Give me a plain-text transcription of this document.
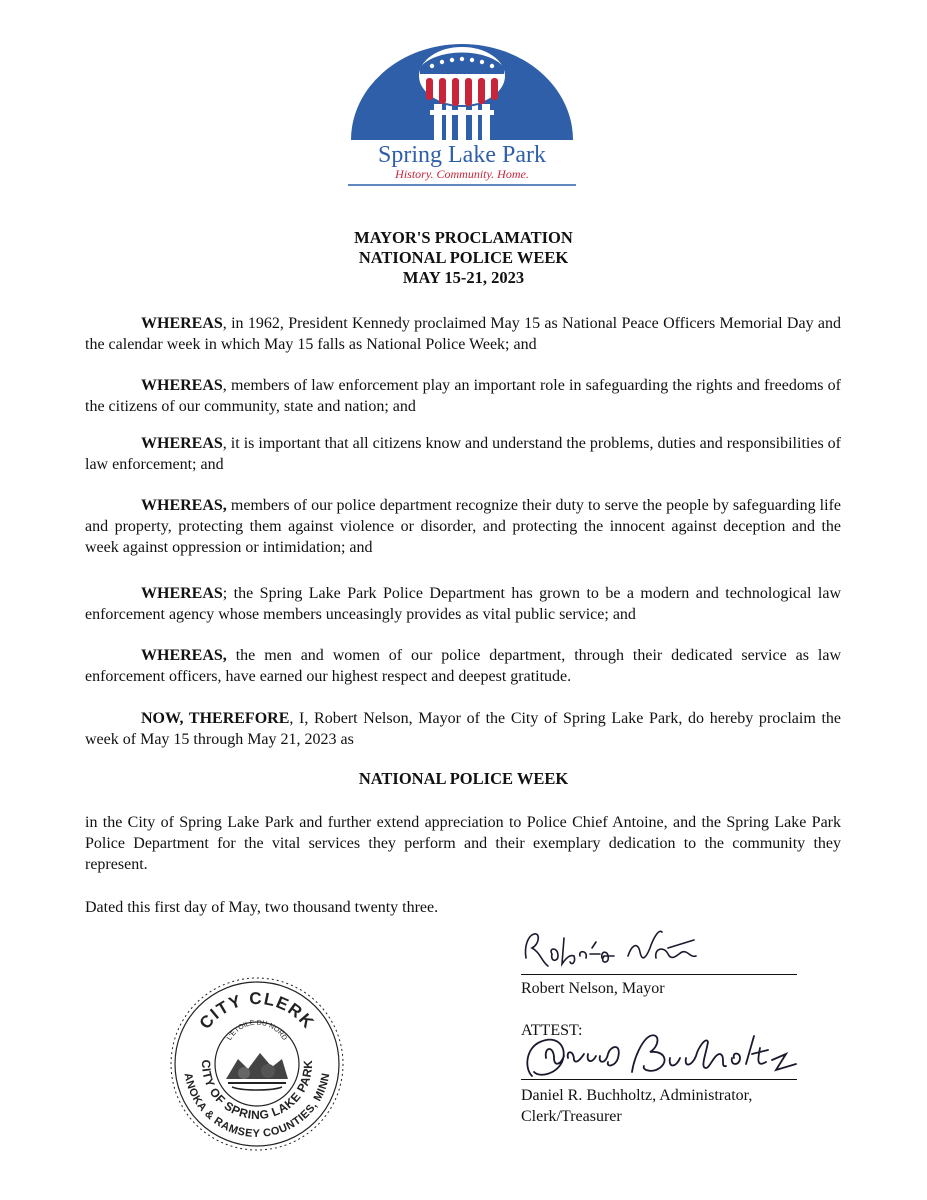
Spring Lake Park
History. Community. Home.
MAYOR'S PROCLAMATION
NATIONAL POLICE WEEK
MAY 15-21, 2023

WHEREAS, in 1962, President Kennedy proclaimed May 15 as National Peace Officers Memorial Day and the calendar week in which May 15 falls as National Police Week; and

WHEREAS, members of law enforcement play an important role in safeguarding the rights and freedoms of the citizens of our community, state and nation; and

WHEREAS, it is important that all citizens know and understand the problems, duties and responsibilities of law enforcement; and

WHEREAS, members of our police department recognize their duty to serve the people by safeguarding life and property, protecting them against violence or disorder, and protecting the innocent against deception and the week against oppression or intimidation; and

WHEREAS; the Spring Lake Park Police Department has grown to be a modern and technological law enforcement agency whose members unceasingly provides as vital public service; and

WHEREAS, the men and women of our police department, through their dedicated service as law enforcement officers, have earned our highest respect and deepest gratitude.

NOW, THEREFORE, I, Robert Nelson, Mayor of the City of Spring Lake Park, do hereby proclaim the week of May 15 through May 21, 2023 as

NATIONAL POLICE WEEK

in the City of Spring Lake Park and further extend appreciation to Police Chief Antoine, and the Spring Lake Park Police Department for the vital services they perform and their exemplary dedication to the community they represent.

Dated this first day of May, two thousand twenty three.
Robert Nelson, Mayor
ATTEST:
Daniel R. Buchholtz, Administrator,
Clerk/Treasurer
CITY CLERK
CITY OF SPRING LAKE PARK
ANOKA & RAMSEY COUNTIES, MINN
L'ETOILE DU NORD
